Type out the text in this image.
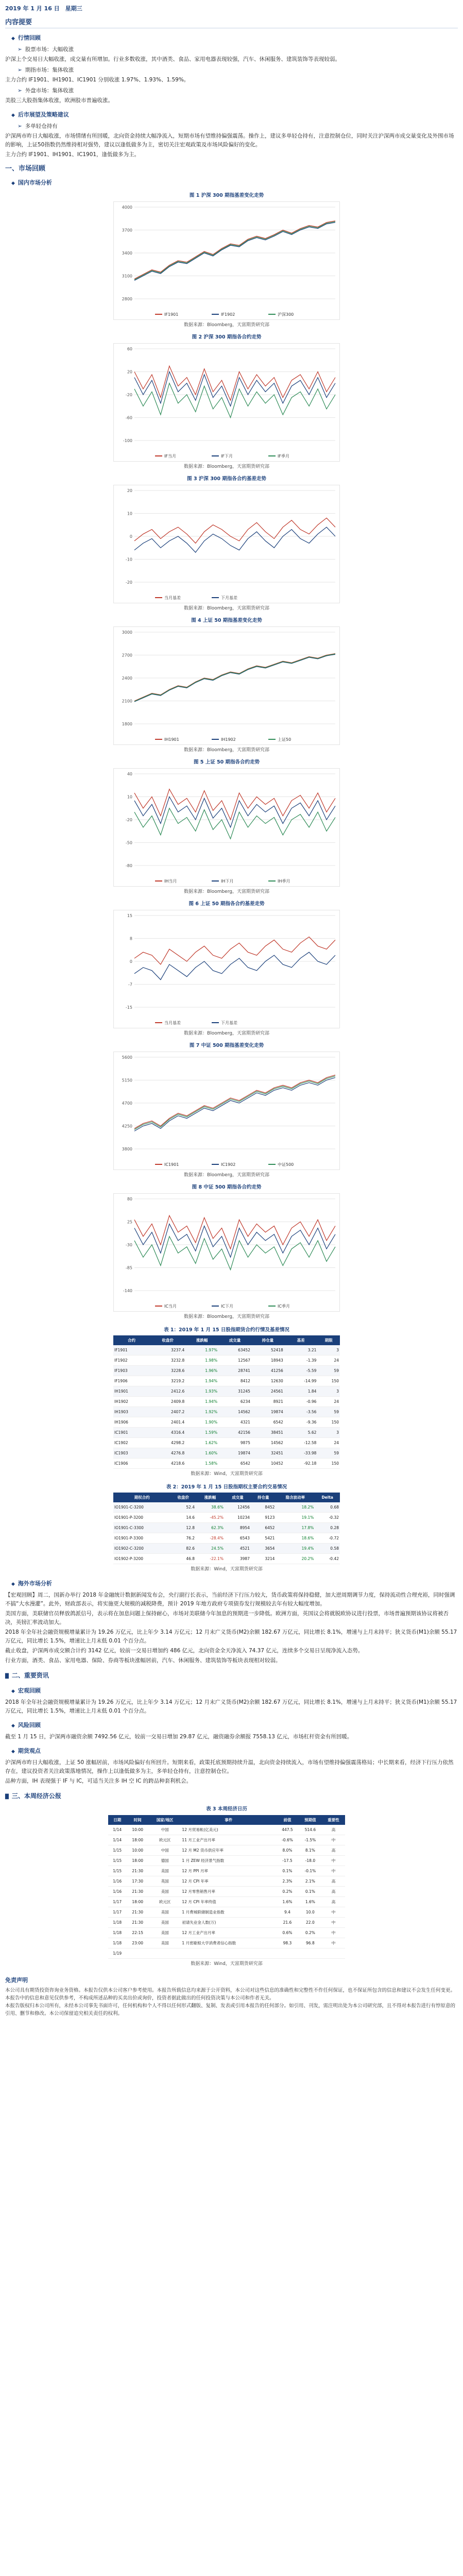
2019 年 1 月 16 日　星期三
内容提要
◆ 行情回顾
➢ 股票市场：大幅收涨

沪深上个交易日大幅收涨，成交量有所增加。行业多数收涨，其中酒类、食品、家用电器表现较强，汽车、休闲服务、建筑装饰等表现较弱。

➢ 期指市场：集体收涨

主力合约 IF1901、IH1901、IC1901 分别收涨 1.97%、1.93%、1.59%。

➢ 外盘市场：集体收涨

美股三大股指集体收涨，欧洲股市普遍收涨。

◆ 后市展望及策略建议
➢ 多单轻仓持有

沪深两市昨日大幅收涨，市场情绪有所回暖，北向资金持续大幅净流入，短期市场有望维持偏强震荡。操作上，建议多单轻仓持有，注意控制仓位，同时关注沪深两市成交量变化及外围市场的影响，上证50指数仍然维持相对强势，建议以逢低做多为主，密切关注宏观政策及市场风险偏好的变化。

主力合约 IF1901、IH1901、IC1901，逢低做多为主。

一、市场回顾
◆ 国内市场分析
图 1 沪深 300 期指基差变化走势
2800
3100
3400
3700
4000
IF1901	IF1902	沪深300
数据来源：Bloomberg，天富期货研究部
图 2 沪深 300 期指各合约走势
-100
-60
-20
20
60
IF当月	IF下月	IF季月
数据来源：Bloomberg，天富期货研究部
图 3 沪深 300 期指各合约基差走势
-20
-10
0
10
20
当月基差	下月基差
数据来源：Bloomberg，天富期货研究部
图 4 上证 50 期指基差变化走势
1800
2100
2400
2700
3000
IH1901	IH1902	上证50
数据来源：Bloomberg，天富期货研究部
图 5 上证 50 期指各合约走势
-80
-50
-20
10
40
IH当月	IH下月	IH季月
数据来源：Bloomberg，天富期货研究部
图 6 上证 50 期指各合约基差走势
-15
-7
0
8
15
当月基差	下月基差
数据来源：Bloomberg，天富期货研究部
图 7 中证 500 期指基差变化走势
3800
4250
4700
5150
5600
IC1901	IC1902	中证500
数据来源：Bloomberg，天富期货研究部
图 8 中证 500 期指各合约走势
-140
-85
-30
25
80
IC当月	IC下月	IC季月
数据来源：Bloomberg，天富期货研究部
表 1：2019 年 1 月 15 日股指期货合约行情及基差情况
合约	收盘价	涨跌幅	成交量	持仓量	基差	期限
IF1901	3237.4	1.97%	63452	52418	3.21	3
IF1902	3232.8	1.98%	12567	18943	-1.39	24
IF1903	3228.6	1.96%	28741	41256	-5.59	59
IF1906	3219.2	1.94%	8412	12630	-14.99	150
IH1901	2412.6	1.93%	31245	24561	1.84	3
IH1902	2409.8	1.94%	6234	8921	-0.96	24
IH1903	2407.2	1.92%	14562	19874	-3.56	59
IH1906	2401.4	1.90%	4321	6542	-9.36	150
IC1901	4316.4	1.59%	42156	38451	5.62	3
IC1902	4298.2	1.62%	9875	14562	-12.58	24
IC1903	4276.8	1.60%	19874	32451	-33.98	59
IC1906	4218.6	1.58%	6542	10452	-92.18	150
数据来源：Wind，天富期货研究部
表 2：2019 年 1 月 15 日股指期权主要合约交易情况
期权合约	收盘价	涨跌幅	成交量	持仓量	隐含波动率	Delta
IO1901-C-3200	52.4	38.6%	12456	8452	18.2%	0.68
IO1901-P-3200	14.6	-45.2%	10234	9123	19.1%	-0.32
IO1901-C-3300	12.8	62.3%	8954	6452	17.8%	0.28
IO1901-P-3300	76.2	-28.4%	6543	5421	18.6%	-0.72
IO1902-C-3200	82.6	24.5%	4521	3654	19.4%	0.58
IO1902-P-3200	46.8	-22.1%	3987	3214	20.2%	-0.42
数据来源：Wind，天富期货研究部
◆ 海外市场分析

【宏观回顾】周二，国新办举行 2018 年金融统计数据新闻发布会，央行副行长表示，当前经济下行压力较大，货币政策将保持稳健，加大逆周期调节力度，保持流动性合理充裕，同时强调不搞“大水漫灌”。此外，财政部表示，将实施更大规模的减税降费，预计 2019 年地方政府专项债券发行规模较去年有较大幅度增加。

美国方面，美联储官员释放鸽派信号，表示将在加息问题上保持耐心，市场对美联储今年加息的预期进一步降低。欧洲方面，英国议会将就脱欧协议进行投票，市场普遍预期该协议将被否决，英镑汇率波动加大。

2018 年全年社会融资规模增量累计为 19.26 万亿元，比上年少 3.14 万亿元；12 月末广义货币(M2)余额 182.67 万亿元，同比增长 8.1%，增速与上月末持平；狭义货币(M1)余额 55.17 万亿元，同比增长 1.5%，增速比上月末低 0.01 个百分点。

截止收盘，沪深两市成交额合计约 3142 亿元，较前一交易日增加约 486 亿元，北向资金全天净流入 74.37 亿元，连续多个交易日呈现净流入态势。

行业方面，酒类、食品、家用电器、保险、券商等板块涨幅居前，汽车、休闲服务、建筑装饰等板块表现相对较弱。

█ 二、重要资讯
◆ 宏观回顾

2018 年全年社会融资规模增量累计为 19.26 万亿元，比上年少 3.14 万亿元；12 月末广义货币(M2)余额 182.67 万亿元，同比增长 8.1%，增速与上月末持平；狭义货币(M1)余额 55.17 万亿元，同比增长 1.5%，增速比上月末低 0.01 个百分点。

◆ 风险回顾

截至 1 月 15 日，沪深两市融资余额 7492.56 亿元，较前一交易日增加 29.87 亿元，融资融券余额报 7558.13 亿元，市场杠杆资金有所回暖。

◆ 期货观点

沪深两市昨日大幅收涨，上证 50 涨幅居前，市场风险偏好有所回升。短期来看，政策托底预期持续升温，北向资金持续流入，市场有望维持偏强震荡格局；中长期来看，经济下行压力依然存在，建议投资者关注政策落地情况，操作上以逢低做多为主，多单轻仓持有，注意控制仓位。

品种方面，IH 表现强于 IF 与 IC，可适当关注多 IH 空 IC 的跨品种套利机会。

█ 三、本周经济公报
表 3 本周经济日历
日期	时间	国家/地区	事件	前值	预期值	重要性
1/14	10:00	中国	12 月贸易帐(亿美元)	447.5	514.6	高
1/14	18:00	欧元区	11 月工业产出月率	-0.6%	-1.5%	中
1/15	10:00	中国	12 月 M2 货币供应年率	8.0%	8.1%	高
1/15	18:00	德国	1 月 ZEW 经济景气指数	-17.5	-18.0	中
1/15	21:30	美国	12 月 PPI 月率	0.1%	-0.1%	中
1/16	17:30	英国	12 月 CPI 年率	2.3%	2.1%	高
1/16	21:30	美国	12 月零售销售月率	0.2%	0.1%	高
1/17	18:00	欧元区	12 月 CPI 年率终值	1.6%	1.6%	高
1/17	21:30	美国	1 月费城联储制造业指数	9.4	10.0	中
1/18	21:30	美国	初请失业金人数(万)	21.6	22.0	中
1/18	22:15	美国	12 月工业产出月率	0.6%	0.2%	中
1/18	23:00	美国	1 月密歇根大学消费者信心指数	98.3	96.8	中
1/19						
数据来源：Wind，天富期货研究部
免责声明

本公司具有期货投资咨询业务资格。本报告仅供本公司客户参考使用。本报告所载信息均来源于公开资料，本公司对这些信息的准确性和完整性不作任何保证，也不保证所包含的信息和建议不会发生任何变更。本报告中的信息和意见仅供参考，不构成所述品种的买卖出价或询价，投资者据此做出的任何投资决策与本公司和作者无关。

本报告版权归本公司所有，未经本公司事先书面许可，任何机构和个人不得以任何形式翻版、复制、发表或引用本报告的任何部分。如引用、刊发，需注明出处为本公司研究部，且不得对本报告进行有悖原意的引用、删节和修改。本公司保留追究相关责任的权利。
